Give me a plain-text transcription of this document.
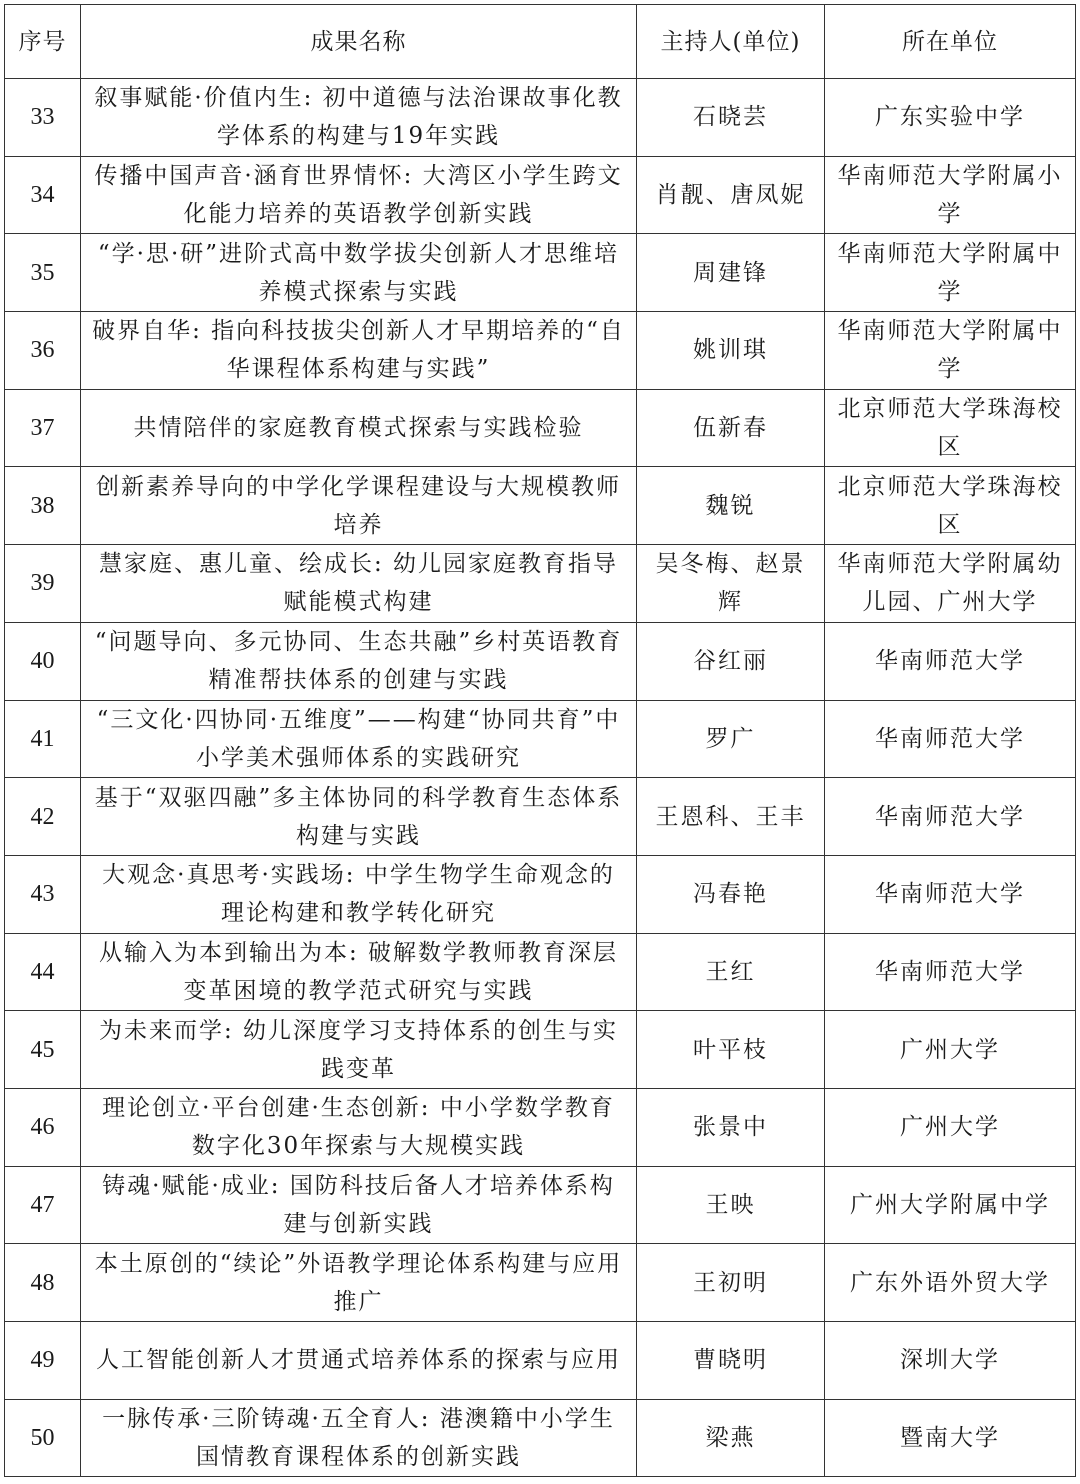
序号	成果名称	主持人(单位)	所在单位
33	叙事赋能·价值内生: 初中道德与法治课故事化教学体系的构建与19年实践	石晓芸	广东实验中学
34	传播中国声音·涵育世界情怀: 大湾区小学生跨文化能力培养的英语教学创新实践	肖靓、唐凤妮	华南师范大学附属小学
35	“学·思·研”进阶式高中数学拔尖创新人才思维培养模式探索与实践	周建锋	华南师范大学附属中学
36	破界自华: 指向科技拔尖创新人才早期培养的“自华课程体系构建与实践”	姚训琪	华南师范大学附属中学
37	共情陪伴的家庭教育模式探索与实践检验	伍新春	北京师范大学珠海校区
38	创新素养导向的中学化学课程建设与大规模教师培养	魏锐	北京师范大学珠海校区
39	慧家庭、惠儿童、绘成长: 幼儿园家庭教育指导赋能模式构建	吴冬梅、赵景辉	华南师范大学附属幼儿园、广州大学
40	“问题导向、多元协同、生态共融”乡村英语教育精准帮扶体系的创建与实践	谷红丽	华南师范大学
41	“三文化·四协同·五维度”——构建“协同共育”中小学美术强师体系的实践研究	罗广	华南师范大学
42	基于“双驱四融”多主体协同的科学教育生态体系构建与实践	王恩科、王丰	华南师范大学
43	大观念·真思考·实践场: 中学生物学生命观念的理论构建和教学转化研究	冯春艳	华南师范大学
44	从输入为本到输出为本: 破解数学教师教育深层变革困境的教学范式研究与实践	王红	华南师范大学
45	为未来而学: 幼儿深度学习支持体系的创生与实践变革	叶平枝	广州大学
46	理论创立·平台创建·生态创新: 中小学数学教育数字化30年探索与大规模实践	张景中	广州大学
47	铸魂·赋能·成业: 国防科技后备人才培养体系构建与创新实践	王映	广州大学附属中学
48	本土原创的“续论”外语教学理论体系构建与应用推广	王初明	广东外语外贸大学
49	人工智能创新人才贯通式培养体系的探索与应用	曹晓明	深圳大学
50	一脉传承·三阶铸魂·五全育人: 港澳籍中小学生国情教育课程体系的创新实践	梁燕	暨南大学
